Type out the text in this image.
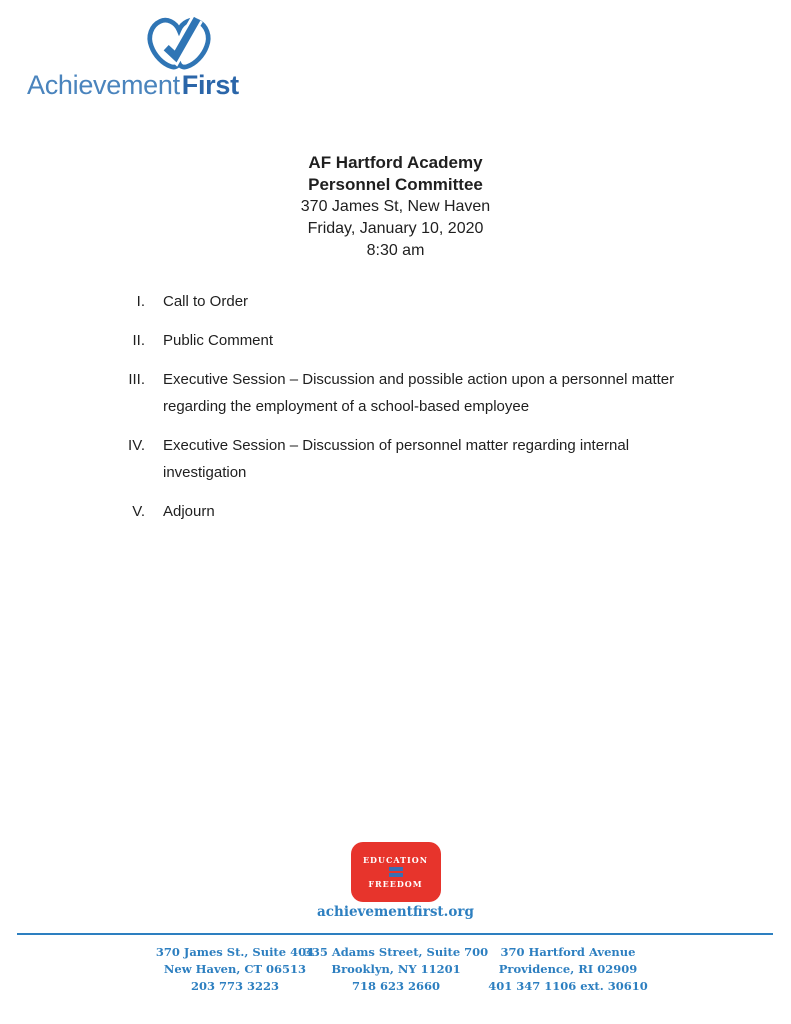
AchievementFirst
AF Hartford Academy
Personnel Committee
370 James St, New Haven
Friday, January 10, 2020
8:30 am
I. Call to Order
II. Public Comment
III. Executive Session – Discussion and possible action upon a personnel matter regarding the employment of a school-based employee
IV. Executive Session – Discussion of personnel matter regarding internal investigation
V. Adjourn
EDUCATION
FREEDOM
achievementfirst.org
370 James St., Suite 404
New Haven, CT 06513
203 773 3223
335 Adams Street, Suite 700
Brooklyn, NY 11201
718 623 2660
370 Hartford Avenue
Providence, RI 02909
401 347 1106 ext. 30610
